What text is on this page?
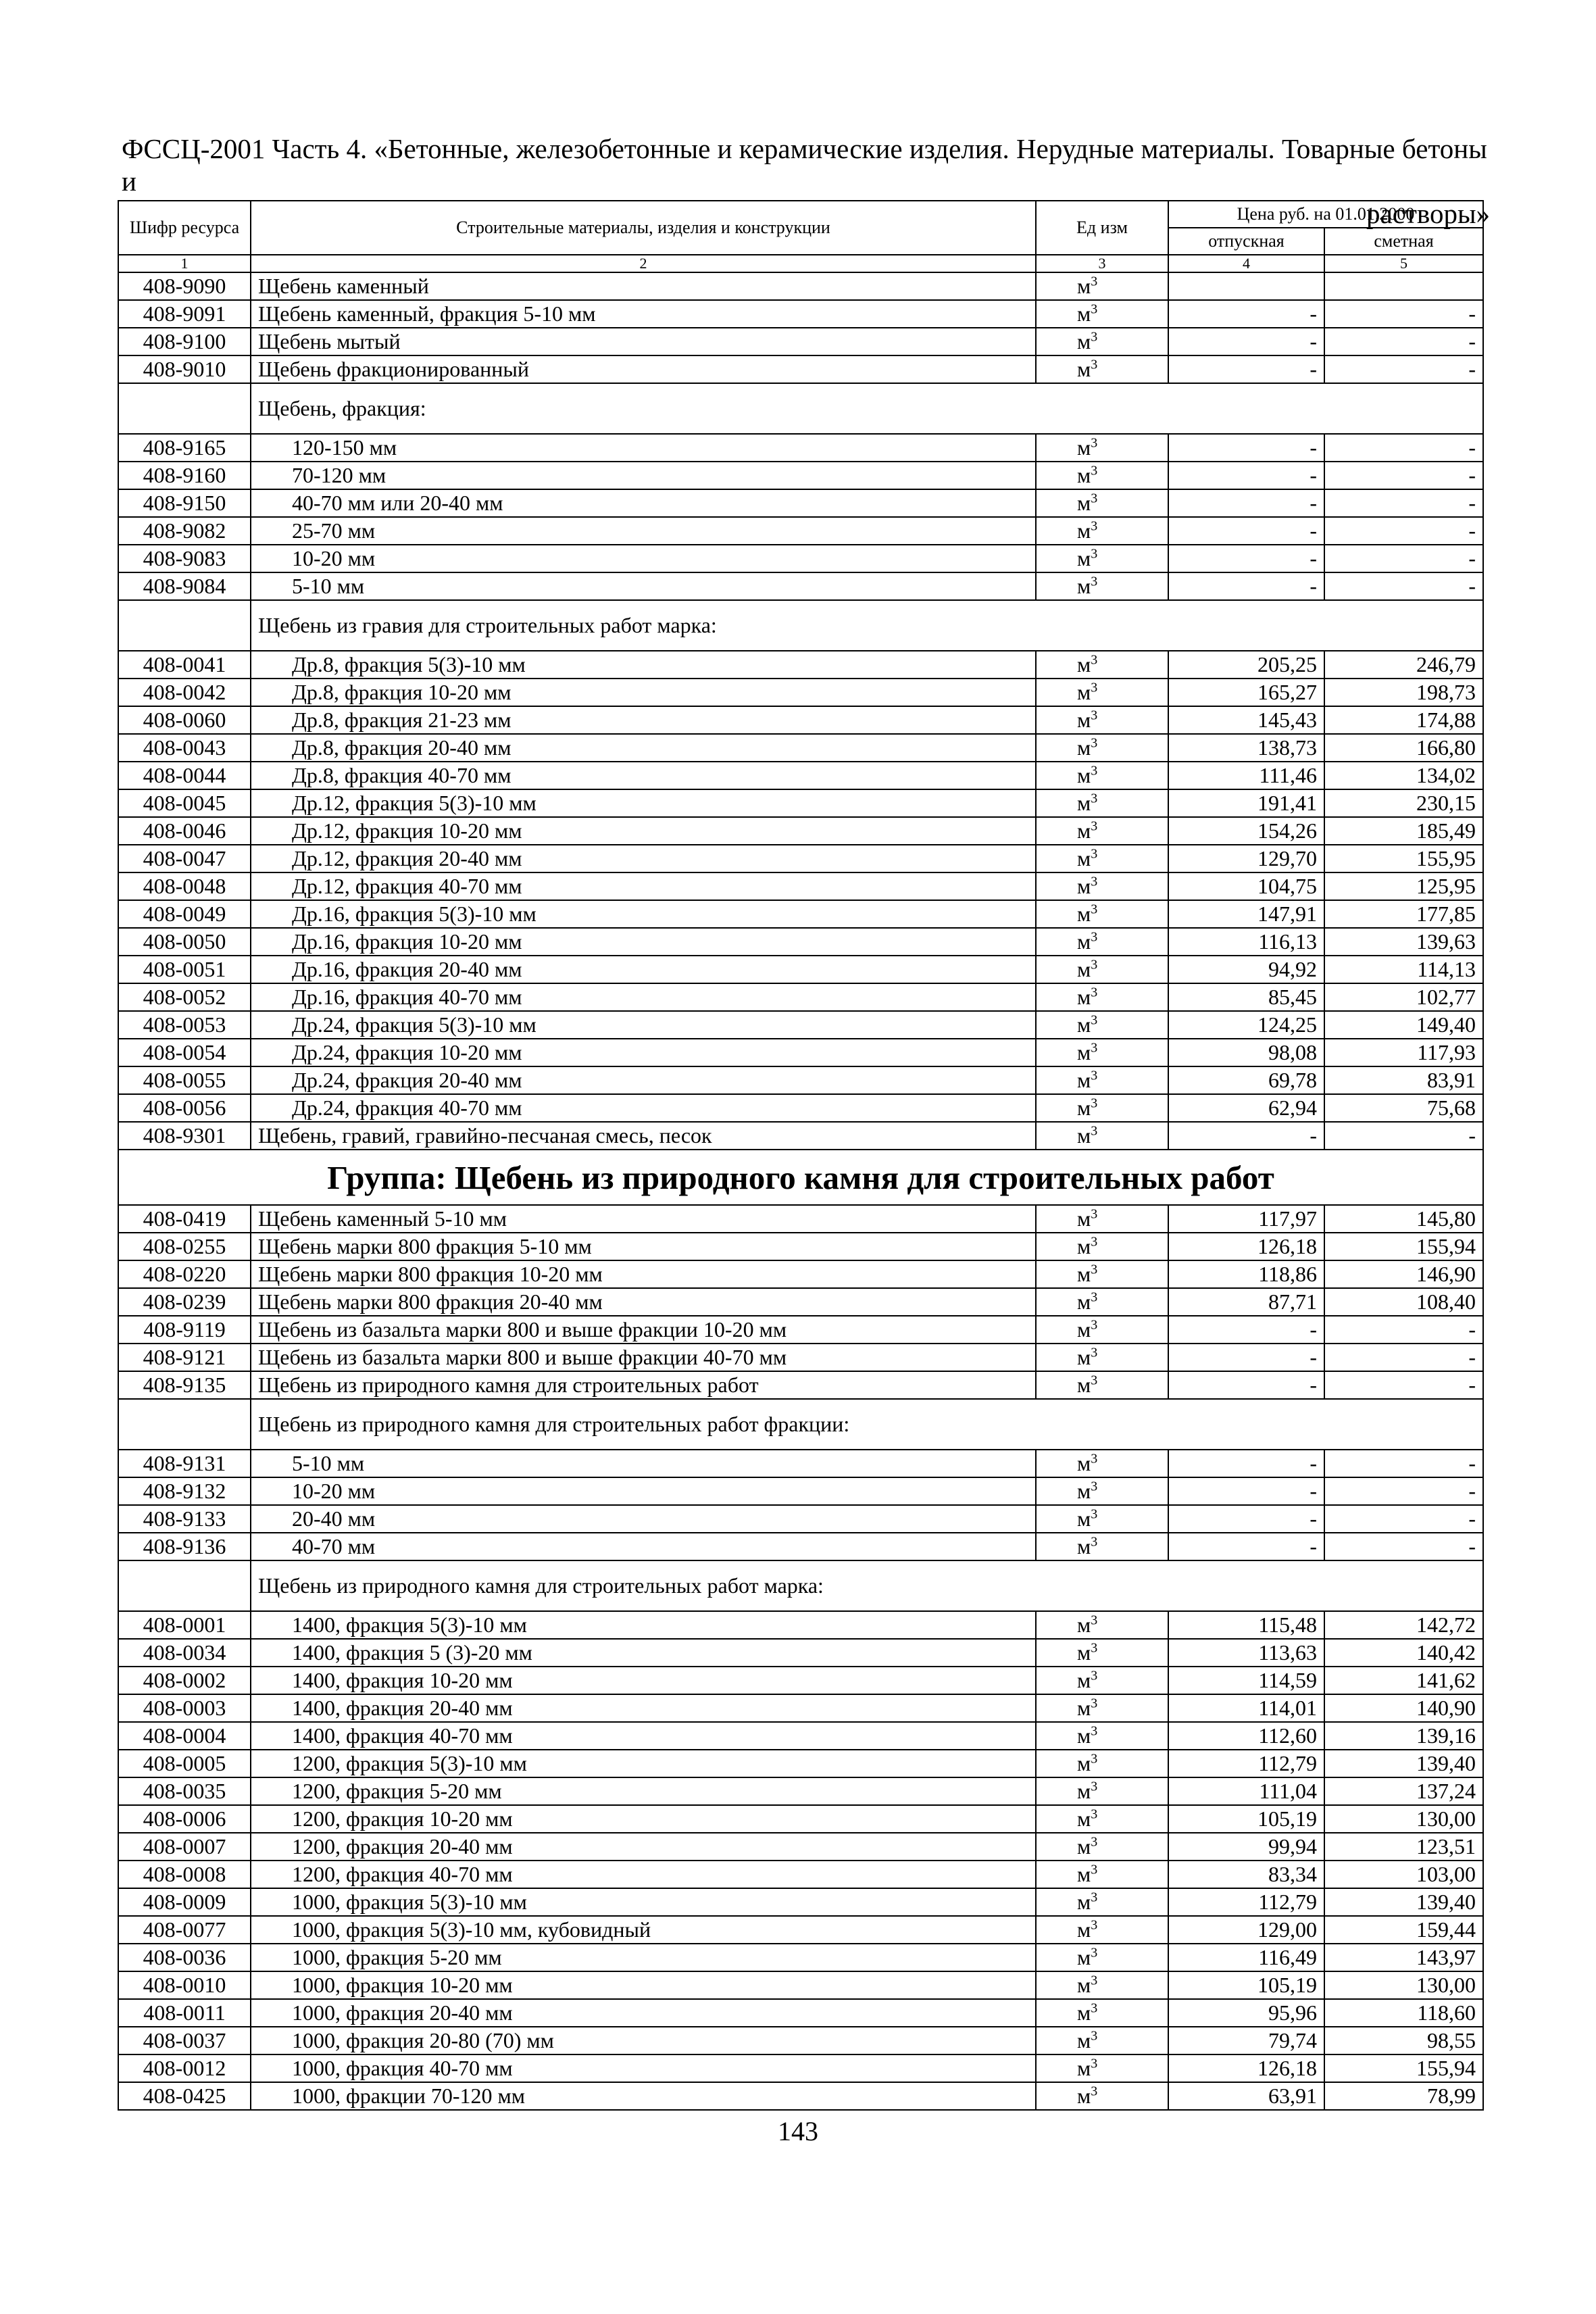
ФССЦ-2001 Часть 4. «Бетонные, железобетонные и керамические изделия. Нерудные материалы. Товарные бетоны и
растворы»
Шифр ресурса	Строительные материалы, изделия и конструкции	Ед изм	Цена руб. на 01.01.2000	
			отпускная	сметная
1	2	3	4	5
408-9090	Щебень каменный	$м^3$		
408-9091	Щебень каменный, фракция 5-10 мм	$м^3$	-	-
408-9100	Щебень мытый	$м^3$	-	-
408-9010	Щебень фракционированный	$м^3$	-	-
	Щебень, фракция:			
408-9165	120-150 мм	$м^3$	-	-
408-9160	70-120 мм	$м^3$	-	-
408-9150	40-70 мм или 20-40 мм	$м^3$	-	-
408-9082	25-70 мм	$м^3$	-	-
408-9083	10-20 мм	$м^3$	-	-
408-9084	5-10 мм	$м^3$	-	-
	Щебень из гравия для строительных работ марка:			
408-0041	Др.8, фракция 5(3)-10 мм	$м^3$	205,25	246,79
408-0042	Др.8, фракция 10-20 мм	$м^3$	165,27	198,73
408-0060	Др.8, фракция 21-23 мм	$м^3$	145,43	174,88
408-0043	Др.8, фракция 20-40 мм	$м^3$	138,73	166,80
408-0044	Др.8, фракция 40-70 мм	$м^3$	111,46	134,02
408-0045	Др.12, фракция 5(3)-10 мм	$м^3$	191,41	230,15
408-0046	Др.12, фракция 10-20 мм	$м^3$	154,26	185,49
408-0047	Др.12, фракция 20-40 мм	$м^3$	129,70	155,95
408-0048	Др.12, фракция 40-70 мм	$м^3$	104,75	125,95
408-0049	Др.16, фракция 5(3)-10 мм	$м^3$	147,91	177,85
408-0050	Др.16, фракция 10-20 мм	$м^3$	116,13	139,63
408-0051	Др.16, фракция 20-40 мм	$м^3$	94,92	114,13
408-0052	Др.16, фракция 40-70 мм	$м^3$	85,45	102,77
408-0053	Др.24, фракция 5(3)-10 мм	$м^3$	124,25	149,40
408-0054	Др.24, фракция 10-20 мм	$м^3$	98,08	117,93
408-0055	Др.24, фракция 20-40 мм	$м^3$	69,78	83,91
408-0056	Др.24, фракция 40-70 мм	$м^3$	62,94	75,68
408-9301	Щебень, гравий, гравийно-песчаная смесь, песок	$м^3$	-	-
Группа: Щебень из природного камня для строительных работ				
408-0419	Щебень каменный 5-10 мм	$м^3$	117,97	145,80
408-0255	Щебень марки 800 фракция 5-10 мм	$м^3$	126,18	155,94
408-0220	Щебень марки 800 фракция 10-20 мм	$м^3$	118,86	146,90
408-0239	Щебень марки 800 фракция 20-40 мм	$м^3$	87,71	108,40
408-9119	Щебень из базальта марки 800 и выше фракции 10-20 мм	$м^3$	-	-
408-9121	Щебень из базальта марки 800 и выше фракции 40-70 мм	$м^3$	-	-
408-9135	Щебень из природного камня для строительных работ	$м^3$	-	-
	Щебень из природного камня для строительных работ фракции:			
408-9131	5-10 мм	$м^3$	-	-
408-9132	10-20 мм	$м^3$	-	-
408-9133	20-40 мм	$м^3$	-	-
408-9136	40-70 мм	$м^3$	-	-
	Щебень из природного камня для строительных работ марка:			
408-0001	1400, фракция 5(3)-10 мм	$м^3$	115,48	142,72
408-0034	1400, фракция 5 (3)-20 мм	$м^3$	113,63	140,42
408-0002	1400, фракция 10-20 мм	$м^3$	114,59	141,62
408-0003	1400, фракция 20-40 мм	$м^3$	114,01	140,90
408-0004	1400, фракция 40-70 мм	$м^3$	112,60	139,16
408-0005	1200, фракция 5(3)-10 мм	$м^3$	112,79	139,40
408-0035	1200, фракция 5-20 мм	$м^3$	111,04	137,24
408-0006	1200, фракция 10-20 мм	$м^3$	105,19	130,00
408-0007	1200, фракция 20-40 мм	$м^3$	99,94	123,51
408-0008	1200, фракция 40-70 мм	$м^3$	83,34	103,00
408-0009	1000, фракция 5(3)-10 мм	$м^3$	112,79	139,40
408-0077	1000, фракция 5(3)-10 мм, кубовидный	$м^3$	129,00	159,44
408-0036	1000, фракция 5-20 мм	$м^3$	116,49	143,97
408-0010	1000, фракция 10-20 мм	$м^3$	105,19	130,00
408-0011	1000, фракция 20-40 мм	$м^3$	95,96	118,60
408-0037	1000, фракция 20-80 (70) мм	$м^3$	79,74	98,55
408-0012	1000, фракция 40-70 мм	$м^3$	126,18	155,94
408-0425	1000, фракции 70-120 мм	$м^3$	63,91	78,99
143
